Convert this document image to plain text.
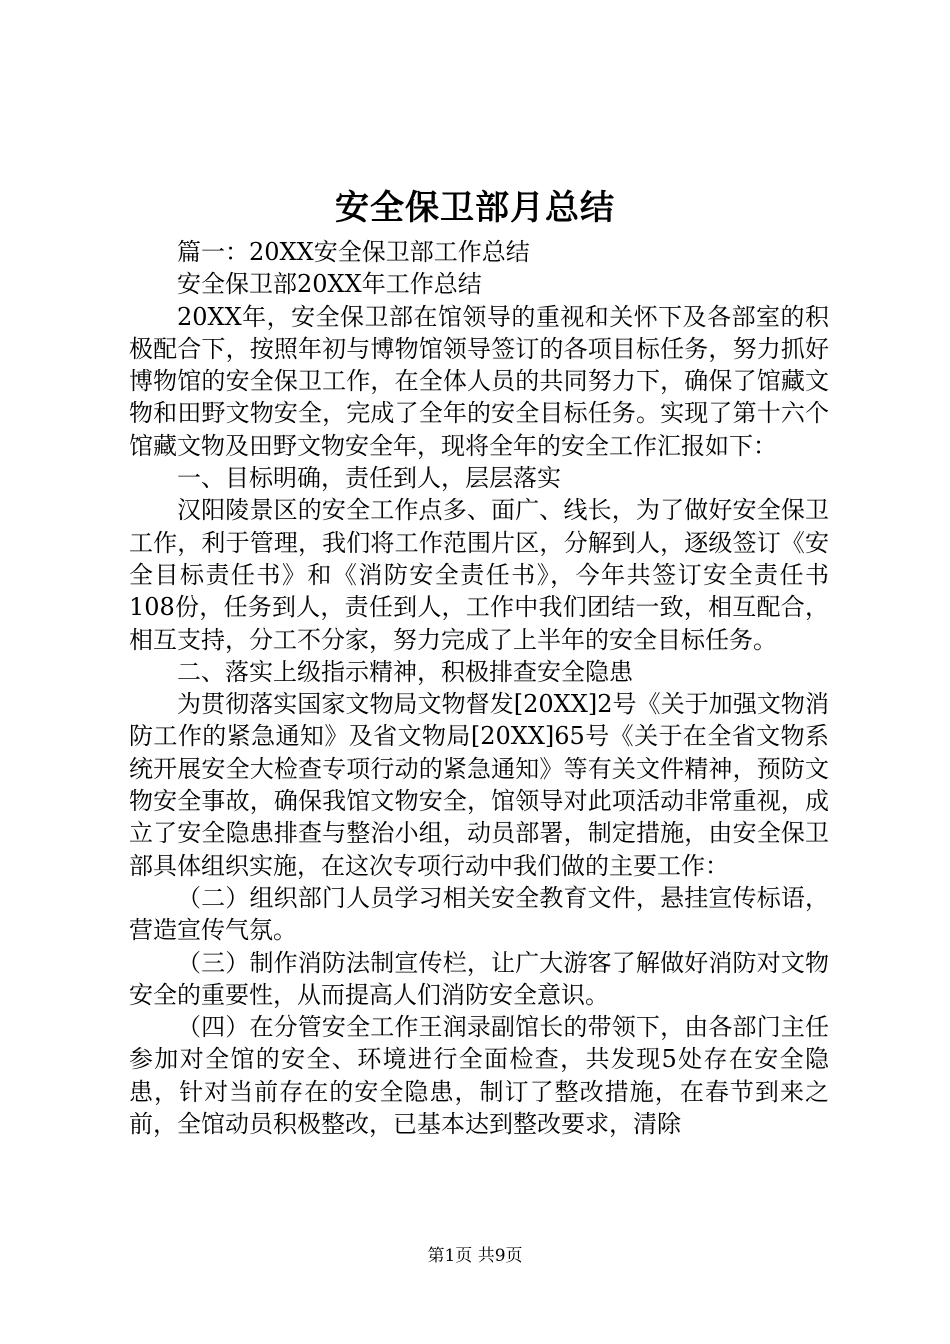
安全保卫部月总结

篇一：20XX安全保卫部工作总结

安全保卫部20XX年工作总结

20XX年，安全保卫部在馆领导的重视和关怀下及各部室的积极配合下，按照年初与博物馆领导签订的各项目标任务，努力抓好博物馆的安全保卫工作，在全体人员的共同努力下，确保了馆藏文物和田野文物安全，完成了全年的安全目标任务。实现了第十六个馆藏文物及田野文物安全年，现将全年的安全工作汇报如下：

一、目标明确，责任到人，层层落实

汉阳陵景区的安全工作点多、面广、线长，为了做好安全保卫工作，利于管理，我们将工作范围片区，分解到人，逐级签订《安全目标责任书》和《消防安全责任书》，今年共签订安全责任书108份，任务到人，责任到人，工作中我们团结一致，相互配合，相互支持，分工不分家，努力完成了上半年的安全目标任务。

二、落实上级指示精神，积极排查安全隐患

为贯彻落实国家文物局文物督发[20XX]2号《关于加强文物消防工作的紧急通知》及省文物局[20XX]65号《关于在全省文物系统开展安全大检查专项行动的紧急通知》等有关文件精神，预防文物安全事故，确保我馆文物安全，馆领导对此项活动非常重视，成立了安全隐患排查与整治小组，动员部署，制定措施，由安全保卫部具体组织实施，在这次专项行动中我们做的主要工作：

（二）组织部门人员学习相关安全教育文件，悬挂宣传标语，营造宣传气氛。

（三）制作消防法制宣传栏，让广大游客了解做好消防对文物安全的重要性，从而提高人们消防安全意识。

（四）在分管安全工作王润录副馆长的带领下，由各部门主任参加对全馆的安全、环境进行全面检查，共发现5处存在安全隐患，针对当前存在的安全隐患，制订了整改措施，在春节到来之前，全馆动员积极整改，已基本达到整改要求，清除

第1页 共9页
